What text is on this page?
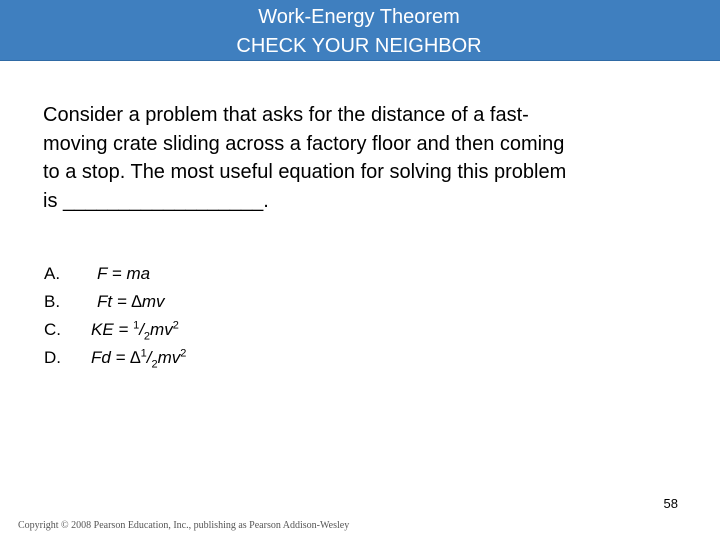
Work-Energy Theorem
CHECK YOUR NEIGHBOR
Consider a problem that asks for the distance of a fast-
moving crate sliding across a factory floor and then coming
to a stop. The most useful equation for solving this problem
is __________________.
A.
B.
C.
D.
F = ma
Ft = ∆mv
KE = $^1/_2mv^2$
$Fd = \Delta^1/_2mv^2$
58
Copyright © 2008 Pearson Education, Inc., publishing as Pearson Addison-Wesley
